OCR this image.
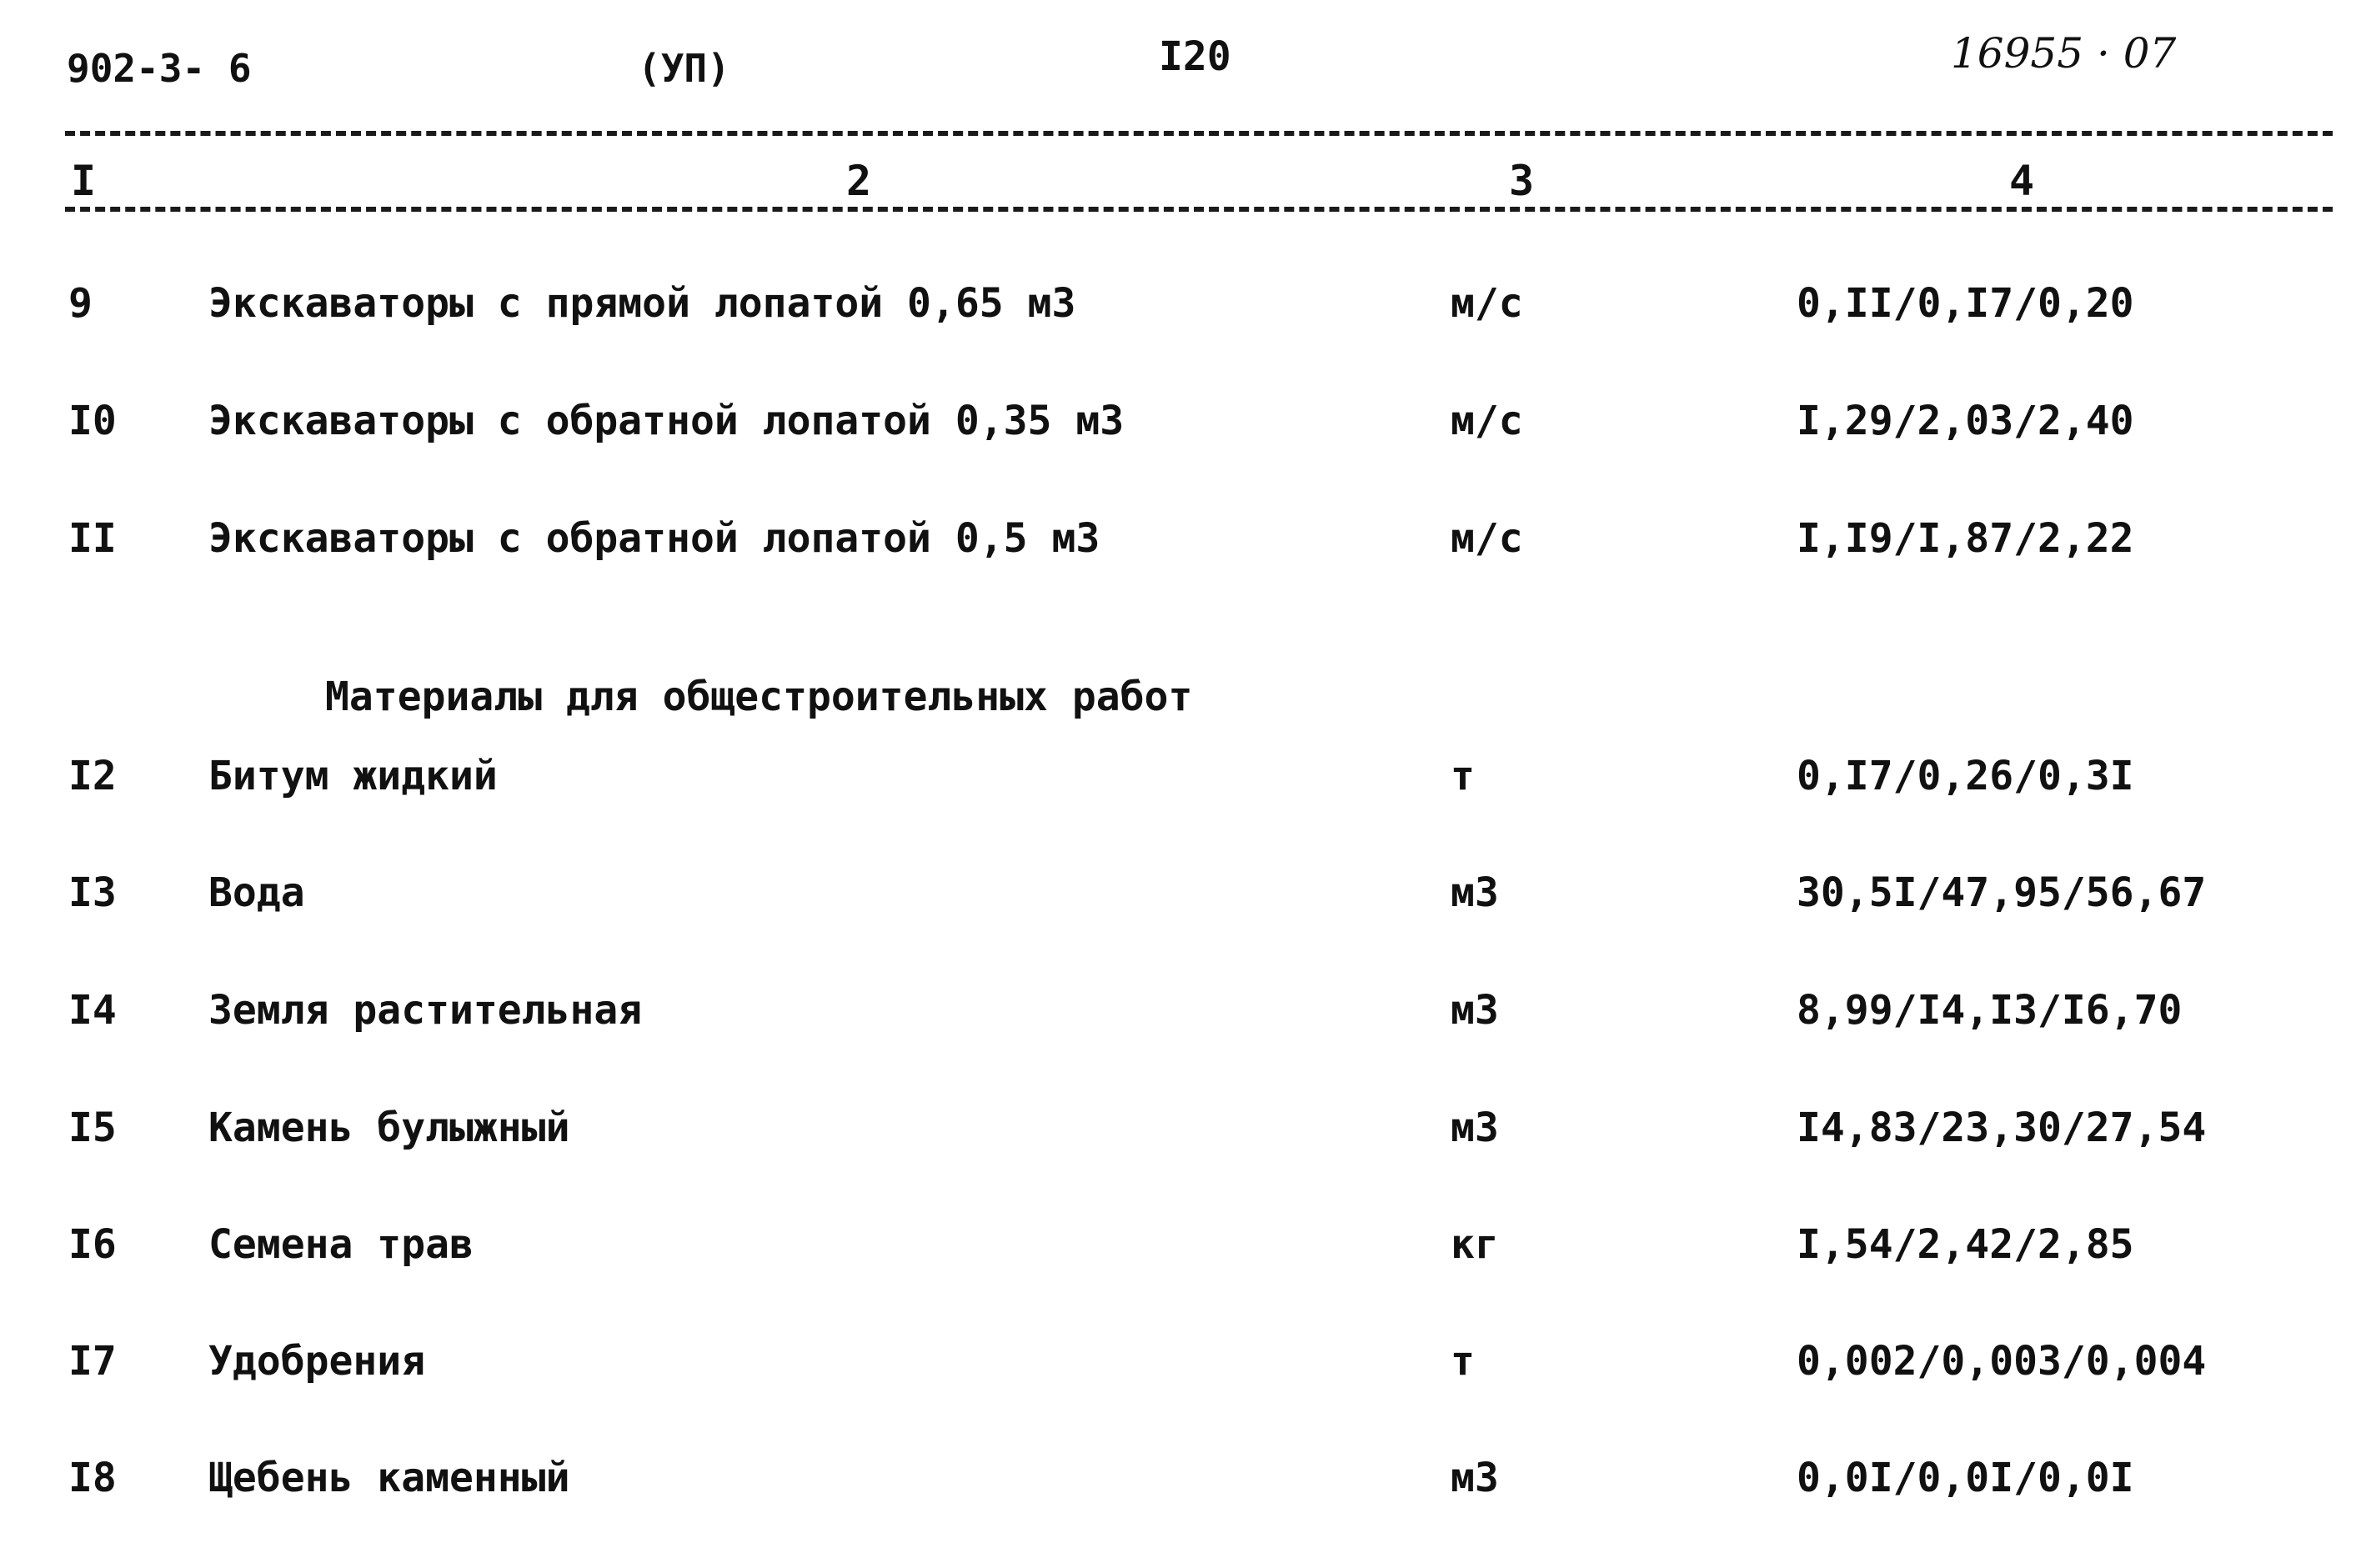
902-3- 6	(УП)	I20	16955 · 07
I	2	3	4
9	Экскаваторы с прямой лопатой 0,65 м3	м/с	0,II/0,I7/0,20
I0 Экскаваторы с обратной лопатой 0,35 м3	м/с	I,29/2,03/2,40
II Экскаваторы с обратной лопатой 0,5 м3	м/с	I,I9/I,87/2,22
Материалы для общестроительных работ
I2 Битум жидкий	т	0,I7/0,26/0,3I
I3 Вода	м3	30,5I/47,95/56,67
I4 Земля растительная	м3	8,99/I4,I3/I6,70
I5 Камень булыжный	м3	I4,83/23,30/27,54
I6 Семена трав	кг	I,54/2,42/2,85
I7 Удобрения	т	0,002/0,003/0,004
I8 Щебень каменный	м3	0,0I/0,0I/0,0I
